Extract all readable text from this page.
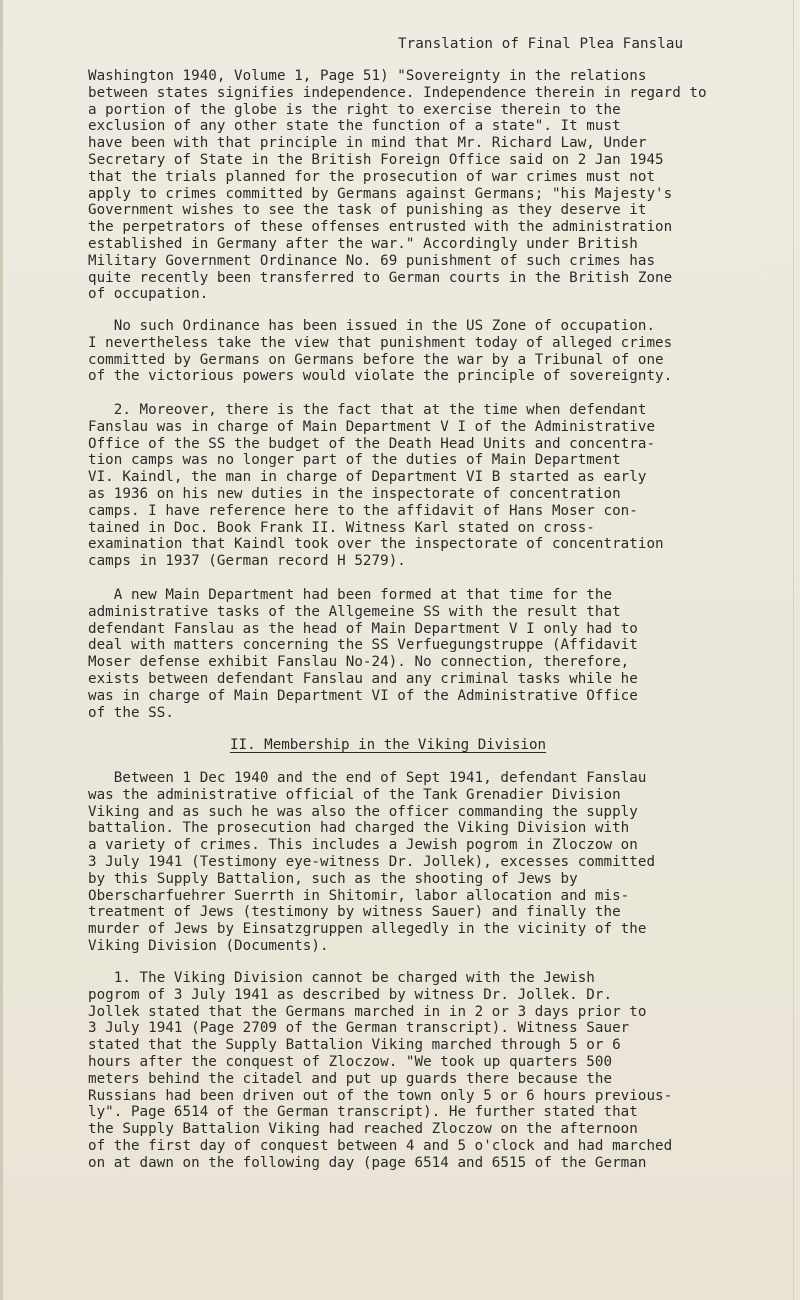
Translation of Final Plea Fanslau
Washington 1940, Volume 1, Page 51) "Sovereignty in the relations
between states signifies independence. Independence therein in regard to
a portion of the globe is the right to exercise therein to the
exclusion of any other state the function of a state". It must
have been with that principle in mind that Mr. Richard Law, Under
Secretary of State in the British Foreign Office said on 2 Jan 1945
that the trials planned for the prosecution of war crimes must not
apply to crimes committed by Germans against Germans; "his Majesty's
Government wishes to see the task of punishing as they deserve it
the perpetrators of these offenses entrusted with the administration
established in Germany after the war." Accordingly under British
Military Government Ordinance No. 69 punishment of such crimes has
quite recently been transferred to German courts in the British Zone
of occupation.
No such Ordinance has been issued in the US Zone of occupation.
I nevertheless take the view that punishment today of alleged crimes
committed by Germans on Germans before the war by a Tribunal of one
of the victorious powers would violate the principle of sovereignty.
2. Moreover, there is the fact that at the time when defendant
Fanslau was in charge of Main Department V I of the Administrative
Office of the SS the budget of the Death Head Units and concentra-
tion camps was no longer part of the duties of Main Department
VI. Kaindl, the man in charge of Department VI B started as early
as 1936 on his new duties in the inspectorate of concentration
camps. I have reference here to the affidavit of Hans Moser con-
tained in Doc. Book Frank II. Witness Karl stated on cross-
examination that Kaindl took over the inspectorate of concentration
camps in 1937 (German record H 5279).
A new Main Department had been formed at that time for the
administrative tasks of the Allgemeine SS with the result that
defendant Fanslau as the head of Main Department V I only had to
deal with matters concerning the SS Verfuegungstruppe (Affidavit
Moser defense exhibit Fanslau No-24). No connection, therefore,
exists between defendant Fanslau and any criminal tasks while he
was in charge of Main Department VI of the Administrative Office
of the SS.
II. Membership in the Viking Division
Between 1 Dec 1940 and the end of Sept 1941, defendant Fanslau
was the administrative official of the Tank Grenadier Division
Viking and as such he was also the officer commanding the supply
battalion. The prosecution had charged the Viking Division with
a variety of crimes. This includes a Jewish pogrom in Zloczow on
3 July 1941 (Testimony eye-witness Dr. Jollek), excesses committed
by this Supply Battalion, such as the shooting of Jews by
Oberscharfuehrer Suerrth in Shitomir, labor allocation and mis-
treatment of Jews (testimony by witness Sauer) and finally the
murder of Jews by Einsatzgruppen allegedly in the vicinity of the
Viking Division (Documents).
1. The Viking Division cannot be charged with the Jewish
pogrom of 3 July 1941 as described by witness Dr. Jollek. Dr.
Jollek stated that the Germans marched in in 2 or 3 days prior to
3 July 1941 (Page 2709 of the German transcript). Witness Sauer
stated that the Supply Battalion Viking marched through 5 or 6
hours after the conquest of Zloczow. "We took up quarters 500
meters behind the citadel and put up guards there because the
Russians had been driven out of the town only 5 or 6 hours previous-
ly". Page 6514 of the German transcript). He further stated that
the Supply Battalion Viking had reached Zloczow on the afternoon
of the first day of conquest between 4 and 5 o'clock and had marched
on at dawn on the following day (page 6514 and 6515 of the German
